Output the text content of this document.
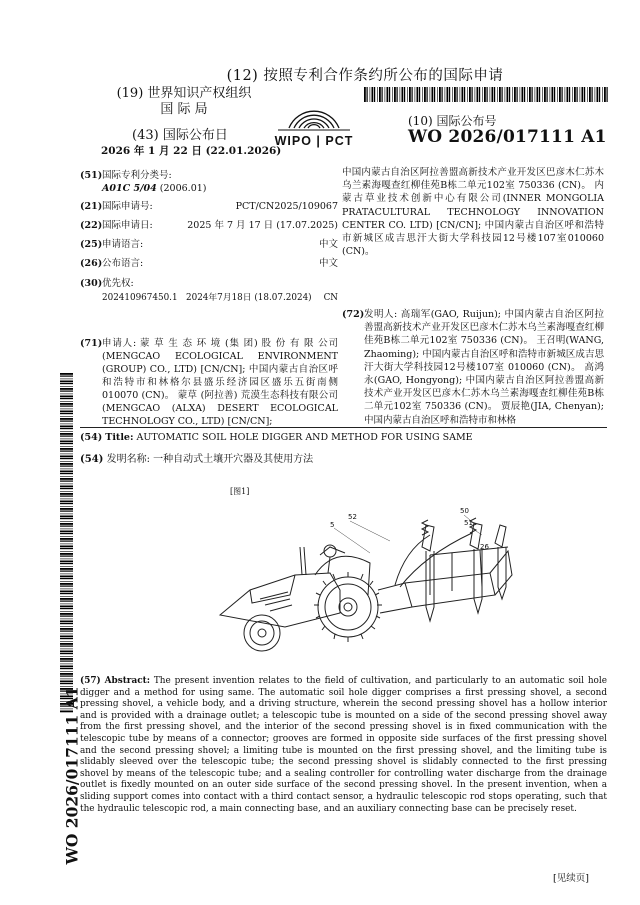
(12) 按照专利合作条约所公布的国际申请
(19) 世界知识产权组织
国 际 局
(43) 国际公布日
2026 年 1 月 22 日 (22.01.2026)
WIPO | PCT
(10) 国际公布号
WO 2026/017111 A1
(51) 国际专利分类号:
A01C 5/04 (2006.01)
(21) 国际申请号:	PCT/CN2025/109067
(22) 国际申请日:	2025 年 7 月 17 日 (17.07.2025)
(25) 申请语言:	中文
(26) 公布语言:	中文
(30) 优先权:
202410967450.1 2024年7月18日 (18.07.2024) CN
(71) 申请人: 蒙 草 生 态 环 境 (集 团) 股 份 有 限 公司 (MENGCAO ECOLOGICAL ENVIRONMENT (GROUP) CO., LTD) [CN/CN]; 中国内蒙古自治区呼和浩特市和林格尔县盛乐经济园区盛乐五街南侧 010070 (CN)。 蒙草 (阿拉善) 荒漠生态科技有限公司(MENGCAO (ALXA) DESERT ECOLOGICAL TECHNOLOGY CO., LTD) [CN/CN];
中国内蒙古自治区阿拉善盟高新技术产业开发区巴彦木仁苏木乌兰素海嘎查红柳佳苑B栋二单元102室 750336 (CN)。 内蒙古草业技术创新中心有限公司(INNER MONGOLIA PRATACULTURAL TECHNOLOGY INNOVATION CENTER CO. LTD) [CN/CN]; 中国内蒙古自治区呼和浩特市新城区成吉思汗大街大学科技园12号楼107室010060 (CN)。
(72) 发明人: 高瑞军(GAO, Ruijun); 中国内蒙古自治区阿拉善盟高新技术产业开发区巴彦木仁苏木乌兰素海嘎查红柳佳苑B栋二单元102室 750336 (CN)。 王召明(WANG, Zhaoming); 中国内蒙古自治区呼和浩特市新城区成吉思汗大街大学科技园12号楼107室 010060 (CN)。 高鸿永(GAO, Hongyong); 中国内蒙古自治区阿拉善盟高新技术产业开发区巴彦木仁苏木乌兰素海嘎查红柳佳苑B栋二单元102室 750336 (CN)。 贾辰艳(JIA, Chenyan); 中国内蒙古自治区呼和浩特市和林格
WO 2026/017111 A1
(54) Title: AUTOMATIC SOIL HOLE DIGGER AND METHOD FOR USING SAME
(54) 发明名称: 一种自动式土壤开穴器及其使用方法
[图1]
52
5
50
51
26
(57) Abstract: The present invention relates to the field of cultivation, and particularly to an automatic soil hole digger and a method for using same. The automatic soil hole digger comprises a first pressing shovel, a second pressing shovel, a vehicle body, and a driving structure, wherein the second pressing shovel has a hollow interior and is provided with a drainage outlet; a telescopic tube is mounted on a side of the second pressing shovel away from the first pressing shovel, and the interior of the second pressing shovel is in fixed communication with the telescopic tube by means of a connector; grooves are formed in opposite side surfaces of the first pressing shovel and the second pressing shovel; a limiting tube is mounted on the first pressing shovel, and the limiting tube is slidably sleeved over the telescopic tube; the second pressing shovel is slidably connected to the first pressing shovel by means of the telescopic tube; and a sealing controller for controlling water discharge from the drainage outlet is fixedly mounted on an outer side surface of the second pressing shovel. In the present invention, when a sliding support comes into contact with a third contact sensor, a hydraulic telescopic rod stops operating, such that the hydraulic telescopic rod, a main connecting base, and an auxiliary connecting base can be precisely reset.
[见续页]
